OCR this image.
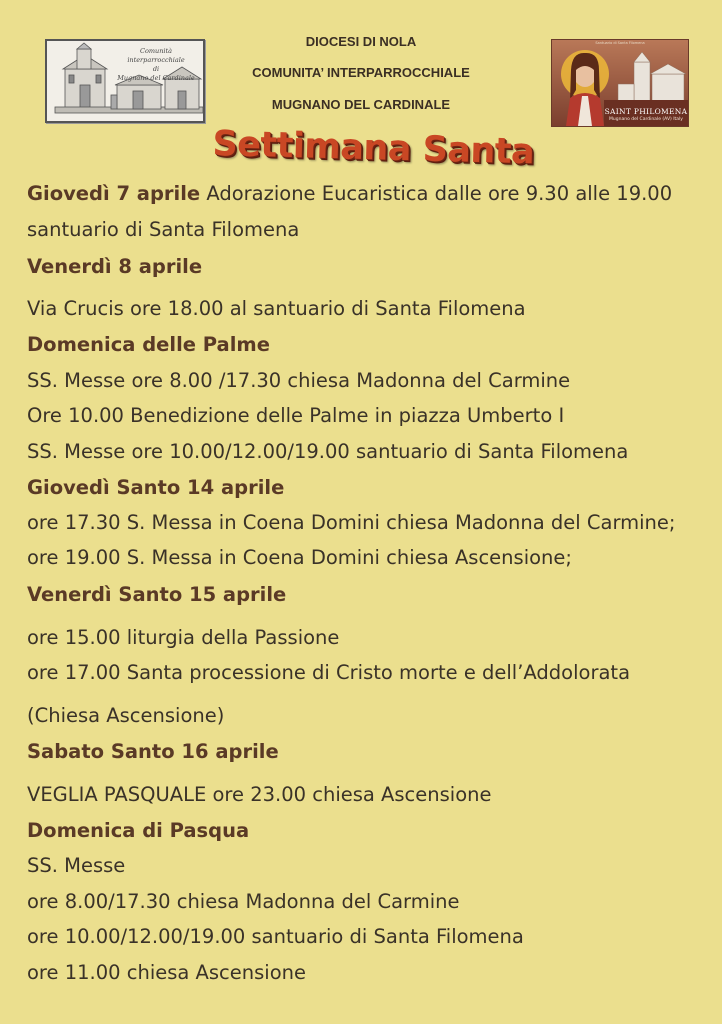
Comunità interparrocchiale
di
Mugnano del Cardinale
DIOCESI DI NOLA
COMUNITA’ INTERPARROCCHIALE
MUGNANO DEL CARDINALE
Santuario di Santa Filomena
SAINT PHILOMENA
Mugnano del Cardinale (AV) Italy
Settimana Santa
Giovedì 7 aprile Adorazione Eucaristica dalle ore 9.30 alle 19.00
santuario di Santa Filomena
Venerdì 8 aprile
Via Crucis ore 18.00 al santuario di Santa Filomena
Domenica delle Palme
SS. Messe ore 8.00 /17.30 chiesa Madonna del Carmine
Ore 10.00 Benedizione delle Palme in piazza Umberto I
SS. Messe ore 10.00/12.00/19.00 santuario di Santa Filomena
Giovedì Santo 14 aprile
ore 17.30 S. Messa in Coena Domini chiesa Madonna del Carmine;
ore 19.00 S. Messa in Coena Domini chiesa Ascensione;
Venerdì Santo 15 aprile
ore 15.00 liturgia della Passione
ore 17.00 Santa processione di Cristo morte e dell’Addolorata
(Chiesa Ascensione)
Sabato Santo 16 aprile
VEGLIA PASQUALE ore 23.00 chiesa Ascensione
Domenica di Pasqua
SS. Messe
ore 8.00/17.30 chiesa Madonna del Carmine
ore 10.00/12.00/19.00 santuario di Santa Filomena
ore 11.00 chiesa Ascensione
